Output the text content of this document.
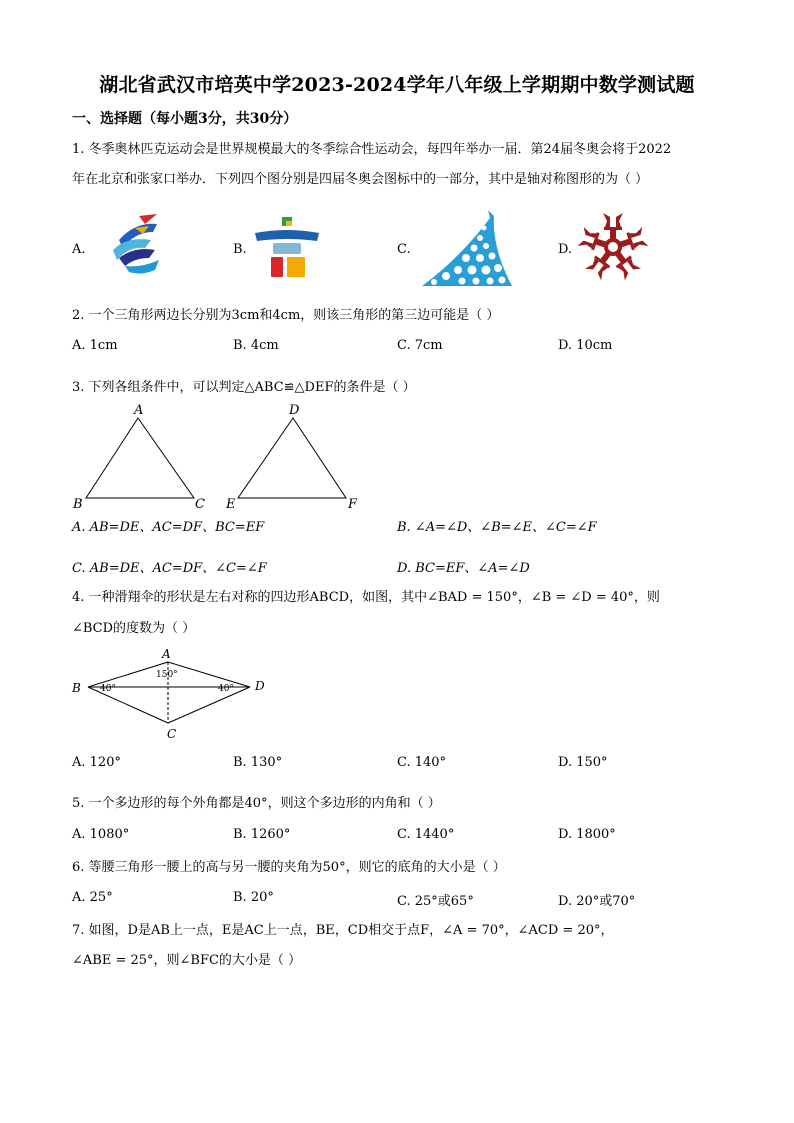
湖北省武汉市培英中学2023-2024学年八年级上学期期中数学测试题
一、选择题（每小题3分，共30分）
1. 冬季奥林匹克运动会是世界规模最大的冬季综合性运动会，每四年举办一届．第24届冬奥会将于2022
年在北京和张家口举办．下列四个图分别是四届冬奥会图标中的一部分，其中是轴对称图形的为（ ）
A.	B.	C.	D.
2. 一个三角形两边长分别为3cm和4cm，则该三角形的第三边可能是（ ）
A. 1cm	B. 4cm	C. 7cm	D. 10cm
3. 下列各组条件中，可以判定△ABC≌△DEF的条件是（ ）
A
B	C
D
E	F
A. AB=DE、AC=DF、BC=EF	B. ∠A=∠D、∠B=∠E、∠C=∠F
C. AB=DE、AC=DF、∠C=∠F	D. BC=EF、∠A=∠D
4. 一种滑翔伞的形状是左右对称的四边形ABCD，如图，其中∠BAD = 150°，∠B = ∠D = 40°，则
∠BCD的度数为（ ）
A
B	D
C
150°
40°	40°
A. 120°	B. 130°	C. 140°	D. 150°
5. 一个多边形的每个外角都是40°，则这个多边形的内角和（ ）
A. 1080°	B. 1260°	C. 1440°	D. 1800°
6. 等腰三角形一腰上的高与另一腰的夹角为50°，则它的底角的大小是（ ）
A. 25°	B. 20°	C. 25°或65°	D. 20°或70°
7. 如图，D是AB上一点，E是AC上一点，BE，CD相交于点F，∠A = 70°，∠ACD = 20°，
∠ABE = 25°，则∠BFC的大小是（ ）
